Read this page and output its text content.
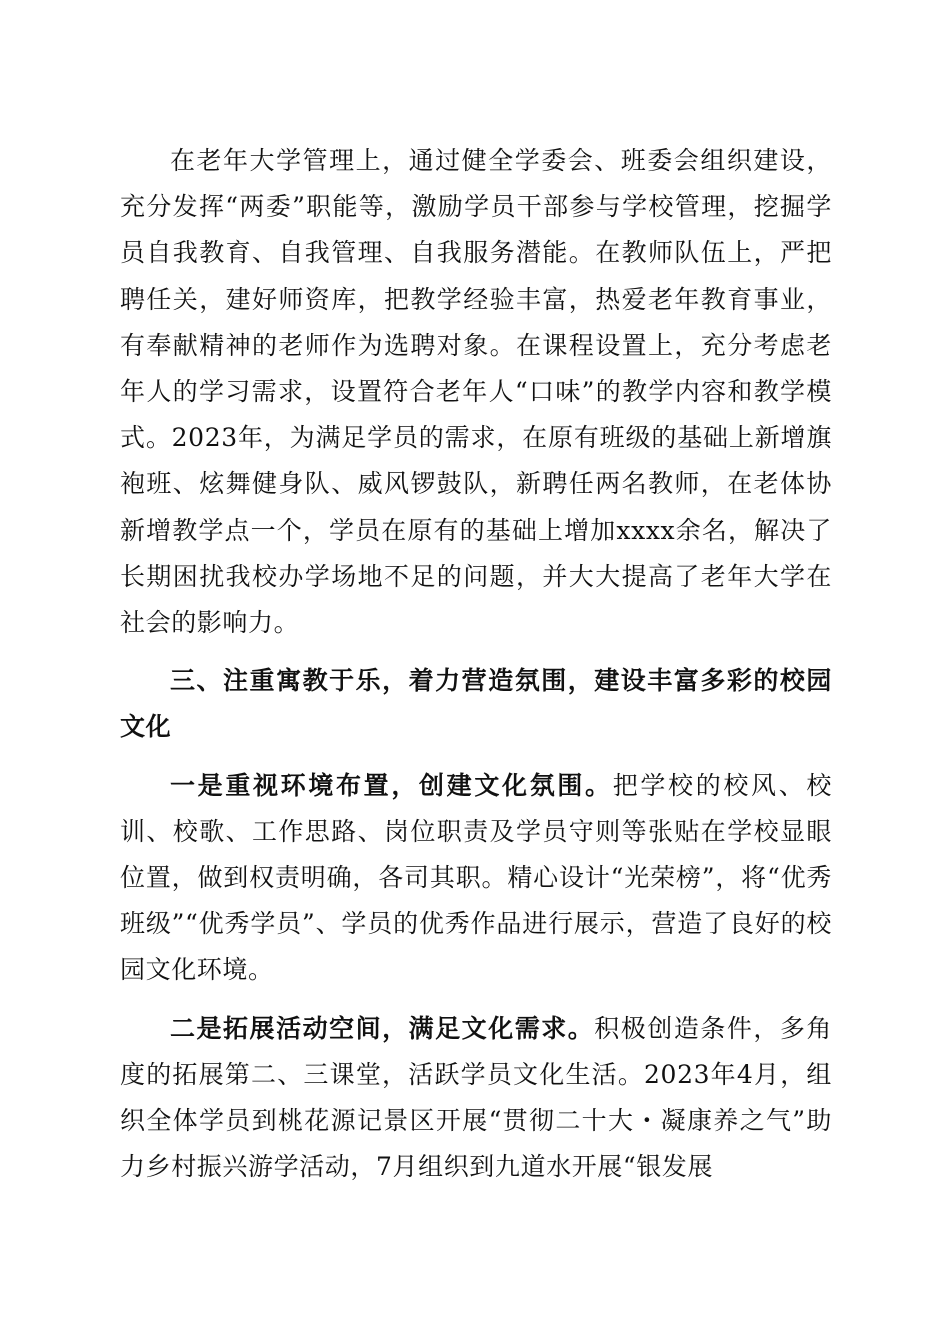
在老年大学管理上，通过健全学委会、班委会组织建设，充分发挥“两委”职能等，激励学员干部参与学校管理，挖掘学员自我教育、自我管理、自我服务潜能。在教师队伍上，严把聘任关，建好师资库，把教学经验丰富，热爱老年教育事业，有奉献精神的老师作为选聘对象。在课程设置上，充分考虑老年人的学习需求，设置符合老年人“口味”的教学内容和教学模式。2023年，为满足学员的需求，在原有班级的基础上新增旗袍班、炫舞健身队、威风锣鼓队，新聘任两名教师，在老体协新增教学点一个，学员在原有的基础上增加xxxx余名，解决了长期困扰我校办学场地不足的问题，并大大提高了老年大学在社会的影响力。

三、注重寓教于乐，着力营造氛围，建设丰富多彩的校园文化

一是重视环境布置，创建文化氛围。把学校的校风、校训、校歌、工作思路、岗位职责及学员守则等张贴在学校显眼位置，做到权责明确，各司其职。精心设计“光荣榜”，将“优秀班级”“优秀学员”、学员的优秀作品进行展示，营造了良好的校园文化环境。

二是拓展活动空间，满足文化需求。积极创造条件，多角度的拓展第二、三课堂，活跃学员文化生活。2023年4月，组织全体学员到桃花源记景区开展“贯彻二十大・凝康养之气”助力乡村振兴游学活动，7月组织到九道水开展“银发展
